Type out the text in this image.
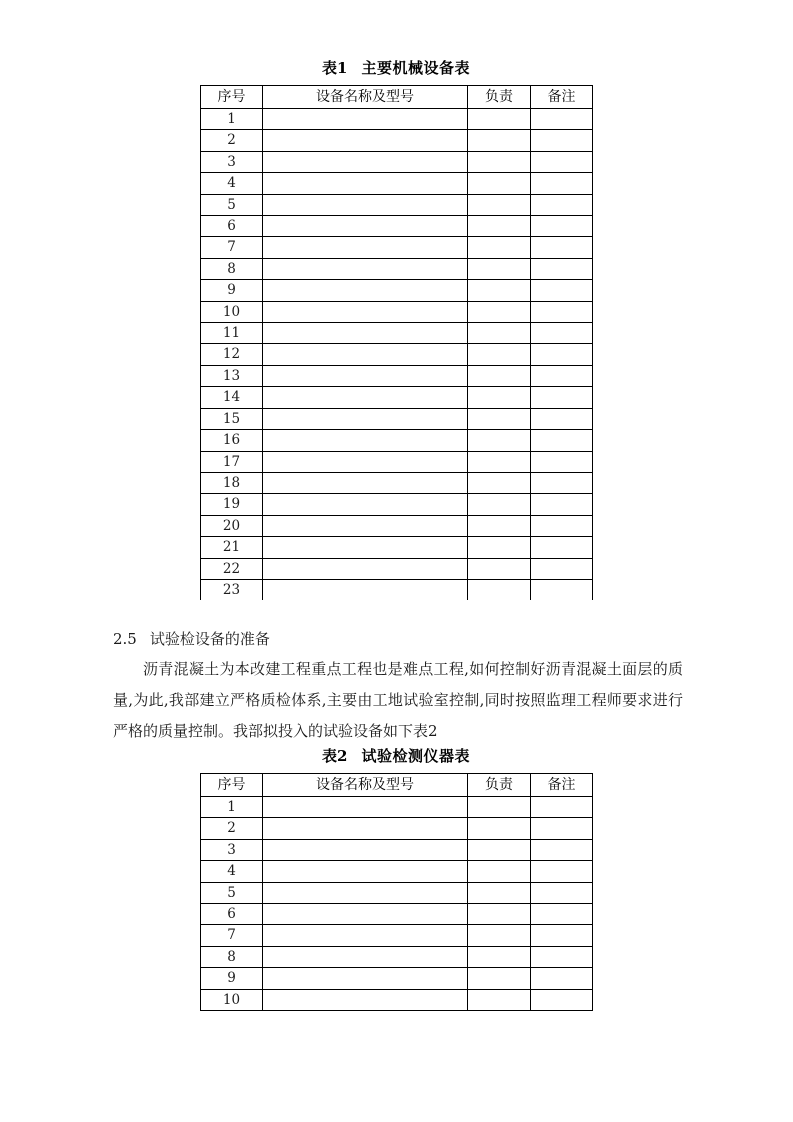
表1 主要机械设备表
序号	设备名称及型号	负责	备注
1			
2			
3			
4			
5			
6			
7			
8			
9			
10			
11			
12			
13			
14			
15			
16			
17			
18			
19			
20			
21			
22			
23			
2.5 试验检设备的准备

沥青混凝土为本改建工程重点工程也是难点工程,如何控制好沥青混凝土面层的质量,为此,我部建立严格质检体系,主要由工地试验室控制,同时按照监理工程师要求进行严格的质量控制。我部拟投入的试验设备如下表2

表2 试验检测仪器表
序号	设备名称及型号	负责	备注
1			
2			
3			
4			
5			
6			
7			
8			
9			
10			
